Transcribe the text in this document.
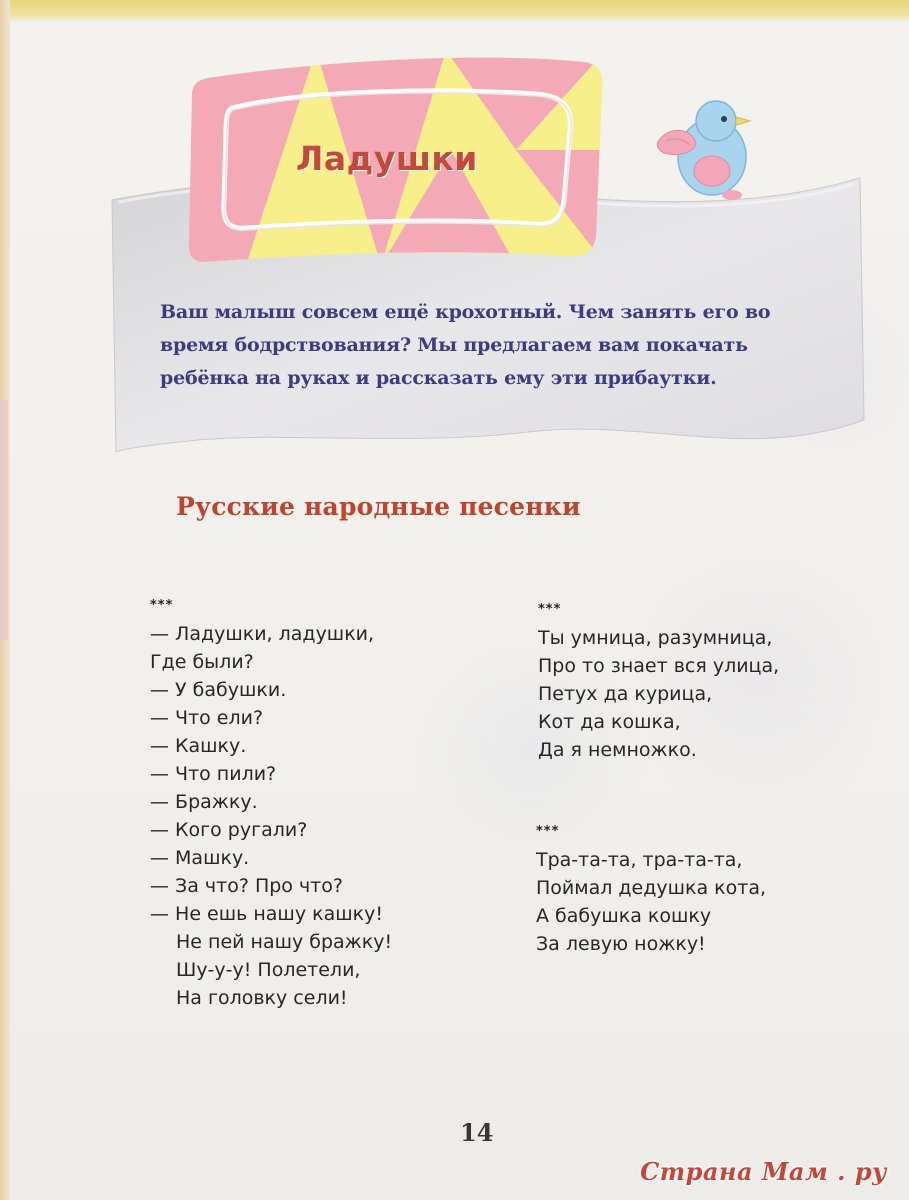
Ваш малыш совсем ещё крохотный. Чем занять его во
время бодрствования? Мы предлагаем вам покачать
ребёнка на руках и рассказать ему эти прибаутки.
Ладушки
Русские народные песенки
***
— Ладушки, ладушки,
Где были?
— У бабушки.
— Что ели?
— Кашку.
— Что пили?
— Бражку.
— Кого ругали?
— Машку.
— За что? Про что?
— Не ешь нашу кашку!
Не пей нашу бражку!
Шу-у-у! Полетели,
На головку сели!
***
Ты умница, разумница,
Про то знает вся улица,
Петух да курица,
Кот да кошка,
Да я немножко.
***
Тра-та-та, тра-та-та,
Поймал дедушка кота,
А бабушка кошку
За левую ножку!
14
Страна Мам . ру
